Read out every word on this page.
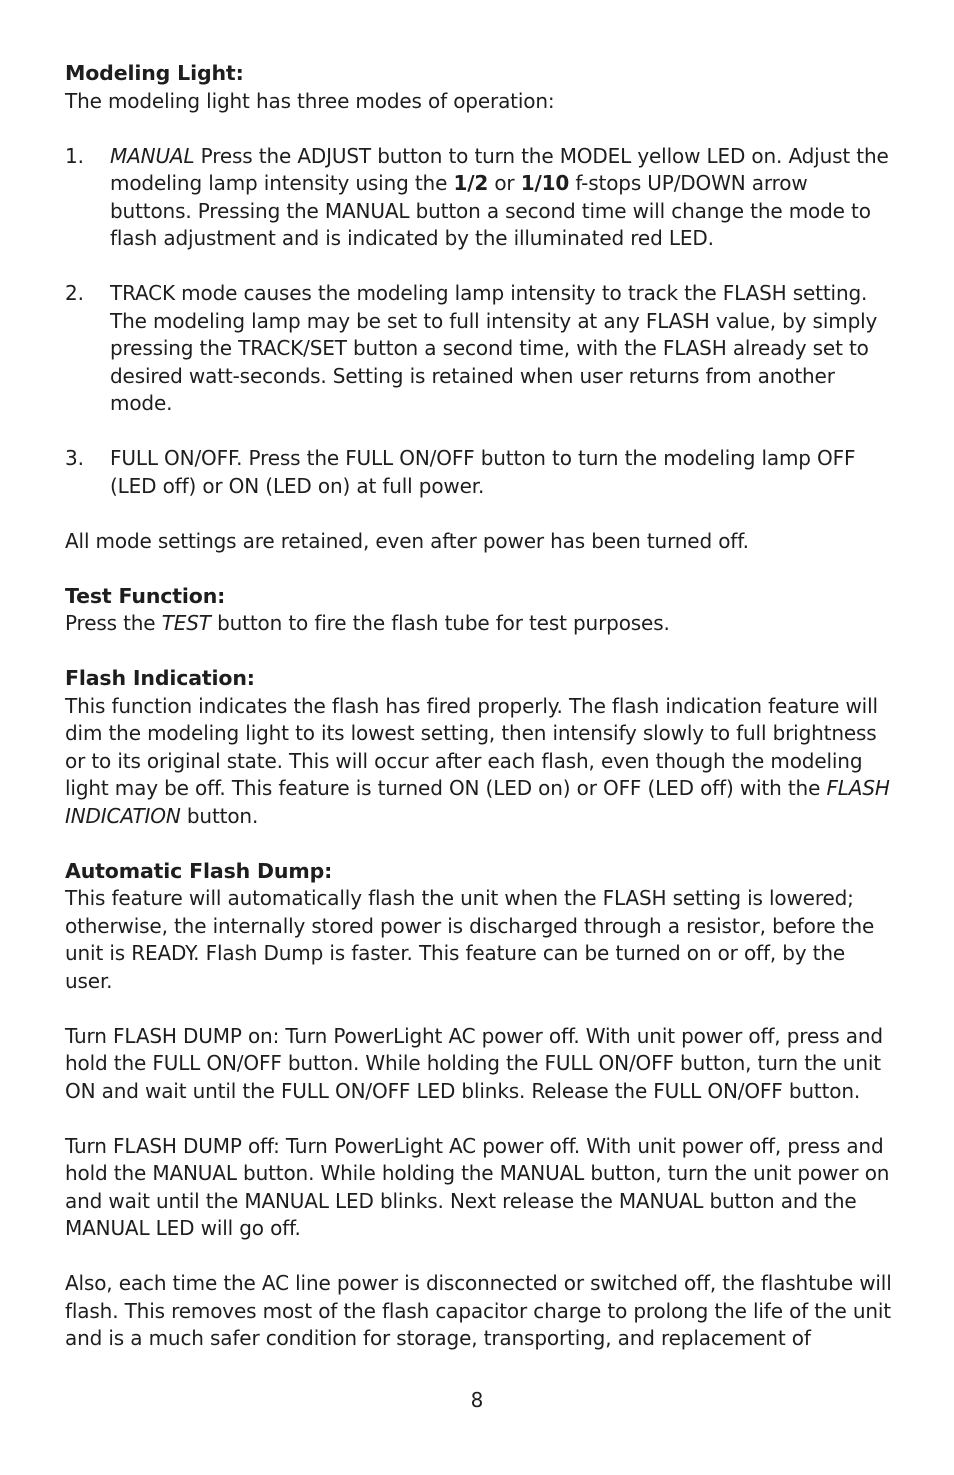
Modeling Light:

The modeling light has three modes of operation:

1. MANUAL Press the ADJUST button to turn the MODEL yellow LED on. Adjust the modeling lamp intensity using the 1/2 or 1/10 f-stops UP/DOWN arrow buttons. Pressing the MANUAL button a second time will change the mode to flash adjustment and is indicated by the illuminated red LED.
2. TRACK mode causes the modeling lamp intensity to track the FLASH setting. The modeling lamp may be set to full intensity at any FLASH value, by simply pressing the TRACK/SET button a second time, with the FLASH already set to desired watt-seconds. Setting is retained when user returns from another mode.
3. FULL ON/OFF. Press the FULL ON/OFF button to turn the modeling lamp OFF (LED off) or ON (LED on) at full power.

All mode settings are retained, even after power has been turned off.

Test Function:

Press the TEST button to fire the flash tube for test purposes.

Flash Indication:

This function indicates the flash has fired properly. The flash indication feature will dim the modeling light to its lowest setting, then intensify slowly to full brightness or to its original state. This will occur after each flash, even though the modeling light may be off. This feature is turned ON (LED on) or OFF (LED off) with the FLASH INDICATION button.

Automatic Flash Dump:

This feature will automatically flash the unit when the FLASH setting is lowered; otherwise, the internally stored power is discharged through a resistor, before the unit is READY. Flash Dump is faster. This feature can be turned on or off, by the user.

Turn FLASH DUMP on: Turn PowerLight AC power off. With unit power off, press and hold the FULL ON/OFF button. While holding the FULL ON/OFF button, turn the unit ON and wait until the FULL ON/OFF LED blinks. Release the FULL ON/OFF button.

Turn FLASH DUMP off: Turn PowerLight AC power off. With unit power off, press and hold the MANUAL button. While holding the MANUAL button, turn the unit power on and wait until the MANUAL LED blinks. Next release the MANUAL button and the MANUAL LED will go off.

Also, each time the AC line power is disconnected or switched off, the flashtube will flash. This removes most of the flash capacitor charge to prolong the life of the unit and is a much safer condition for storage, transporting, and replacement of

8
